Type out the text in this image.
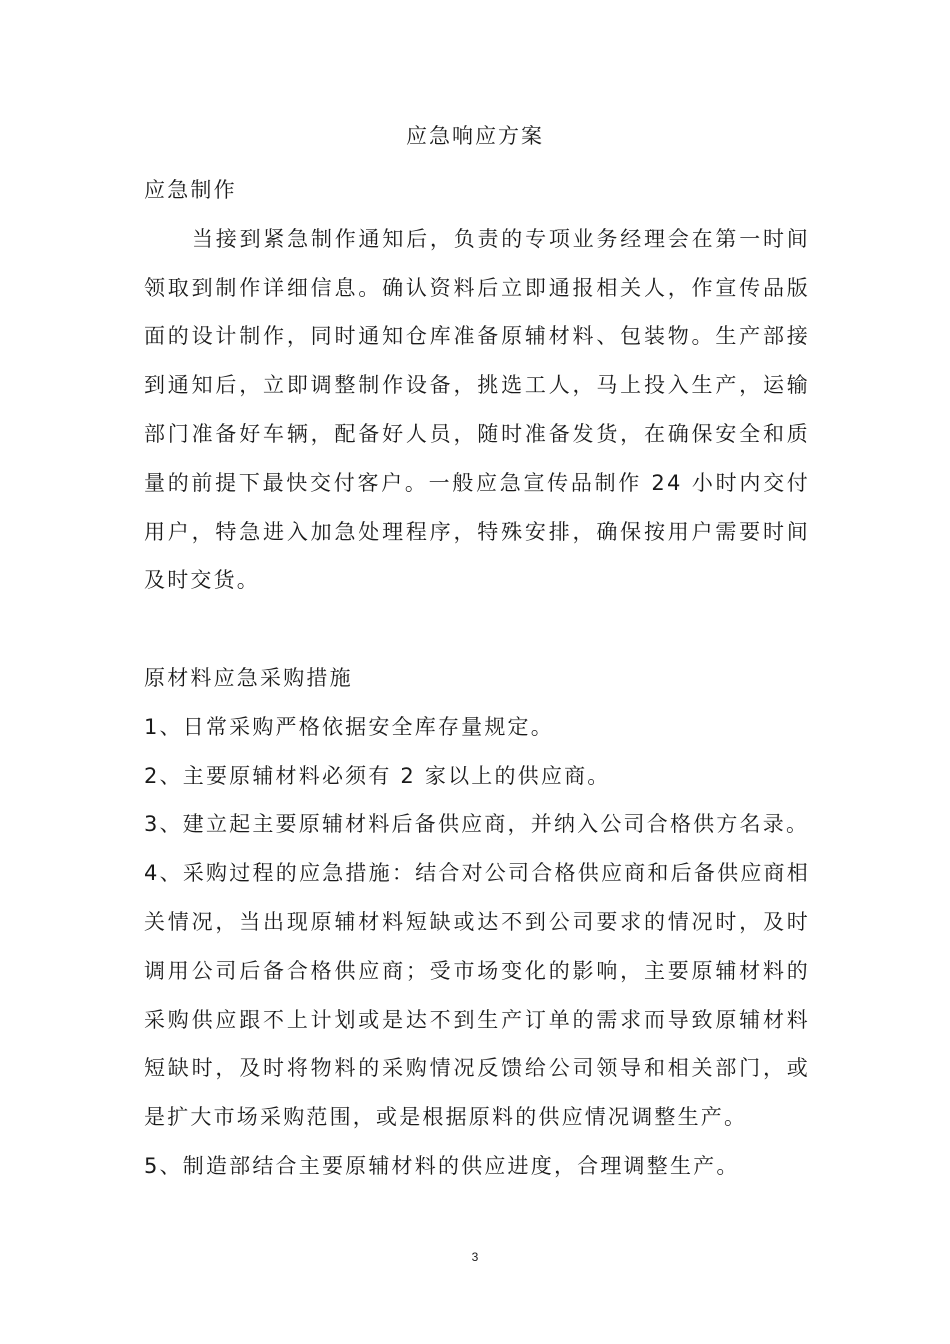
应急响应方案

应急制作

当接到紧急制作通知后，负责的专项业务经理会在第一时间领取到制作详细信息。确认资料后立即通报相关人，作宣传品版面的设计制作，同时通知仓库准备原辅材料、包装物。生产部接到通知后，立即调整制作设备，挑选工人，马上投入生产，运输部门准备好车辆，配备好人员，随时准备发货，在确保安全和质量的前提下最快交付客户。一般应急宣传品制作 24 小时内交付用户，特急进入加急处理程序，特殊安排，确保按用户需要时间及时交货。

原材料应急采购措施

1、日常采购严格依据安全库存量规定。

2、主要原辅材料必须有 2 家以上的供应商。

3、建立起主要原辅材料后备供应商，并纳入公司合格供方名录。

4、采购过程的应急措施：结合对公司合格供应商和后备供应商相关情况，当出现原辅材料短缺或达不到公司要求的情况时，及时调用公司后备合格供应商；受市场变化的影响，主要原辅材料的采购供应跟不上计划或是达不到生产订单的需求而导致原辅材料短缺时，及时将物料的采购情况反馈给公司领导和相关部门，或是扩大市场采购范围，或是根据原料的供应情况调整生产。

5、制造部结合主要原辅材料的供应进度，合理调整生产。

3
